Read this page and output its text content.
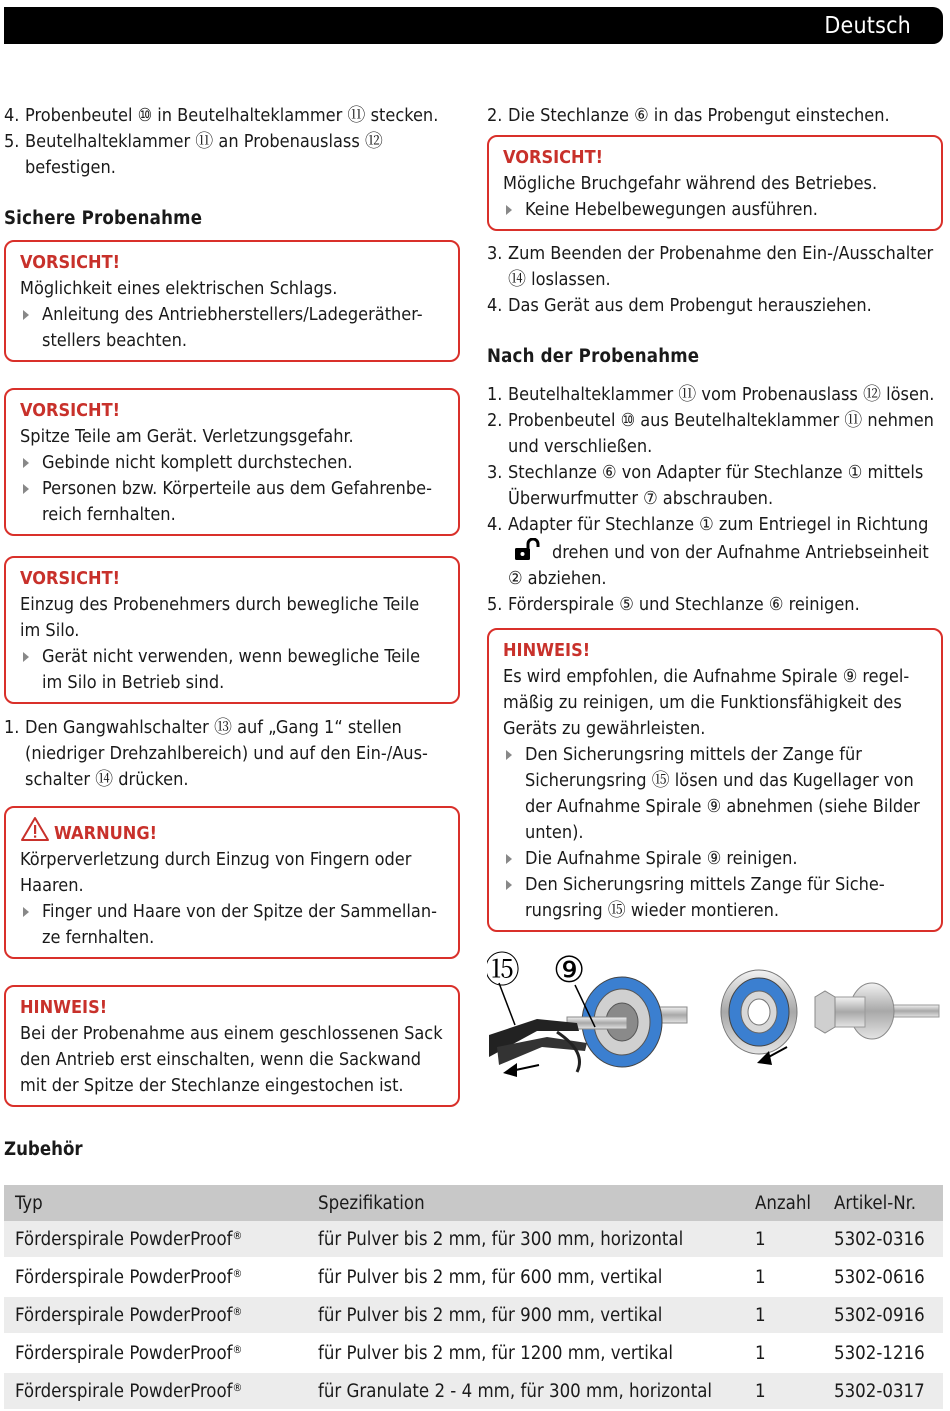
Deutsch

4. Probenbeutel ⑩ in Beutelhalteklammer ⑪ stecken.

5. Beutelhalteklammer ⑪ an Probenauslass ⑫ befestigen.

Sichere Probenahme

VORSICHT!

Möglichkeit eines elektrischen Schlags.

Anleitung des Antriebherstellers/Ladegeräther-stellers beachten.

VORSICHT!

Spitze Teile am Gerät. Verletzungsgefahr.

Gebinde nicht komplett durchstechen.

Personen bzw. Körperteile aus dem Gefahrenbe-reich fernhalten.

VORSICHT!

Einzug des Probenehmers durch bewegliche Teile im Silo.

Gerät nicht verwenden, wenn bewegliche Teile im Silo in Betrieb sind.

1. Den Gangwahlschalter ⑬ auf „Gang 1“ stellen (niedriger Drehzahlbereich) und auf den Ein-/Aus-schalter ⑭ drücken.

WARNUNG!

Körperverletzung durch Einzug von Fingern oder Haaren.

Finger und Haare von der Spitze der Sammellan-ze fernhalten.

HINWEIS!

Bei der Probenahme aus einem geschlossenen Sack den Antrieb erst einschalten, wenn die Sackwand mit der Spitze der Stechlanze eingestochen ist.

2. Die Stechlanze ⑥ in das Probengut einstechen.

VORSICHT!

Mögliche Bruchgefahr während des Betriebes.

Keine Hebelbewegungen ausführen.

3. Zum Beenden der Probenahme den Ein-/Ausschalter ⑭ loslassen.

4. Das Gerät aus dem Probengut herausziehen.

Nach der Probenahme

1. Beutelhalteklammer ⑪ vom Probenauslass ⑫ lösen.

2. Probenbeutel ⑩ aus Beutelhalteklammer ⑪ nehmen und verschließen.

3. Stechlanze ⑥ von Adapter für Stechlanze ① mittels Überwurfmutter ⑦ abschrauben.

4. Adapter für Stechlanze ① zum Entriegel in Richtung
drehen und von der Aufnahme Antriebseinheit ② abziehen.

5. Förderspirale ⑤ und Stechlanze ⑥ reinigen.

HINWEIS!

Es wird empfohlen, die Aufnahme Spirale ⑨ regel-mäßig zu reinigen, um die Funktionsfähigkeit des Geräts zu gewährleisten.

Den Sicherungsring mittels der Zange für Sicherungsring ⑮ lösen und das Kugellager von der Aufnahme Spirale ⑨ abnehmen (siehe Bilder unten).

Die Aufnahme Spirale ⑨ reinigen.

Den Sicherungsring mittels Zange für Siche-rungsring ⑮ wieder montieren.

⑮ ⑨
Zubehör
Typ	Spezifikation	Anzahl	Artikel-Nr.
Förderspirale PowderProof®	für Pulver bis 2 mm, für 300 mm, horizontal	1	5302-0316
Förderspirale PowderProof®	für Pulver bis 2 mm, für 600 mm, vertikal	1	5302-0616
Förderspirale PowderProof®	für Pulver bis 2 mm, für 900 mm, vertikal	1	5302-0916
Förderspirale PowderProof®	für Pulver bis 2 mm, für 1200 mm, vertikal	1	5302-1216
Förderspirale PowderProof®	für Granulate 2 - 4 mm, für 300 mm, horizontal	1	5302-0317
